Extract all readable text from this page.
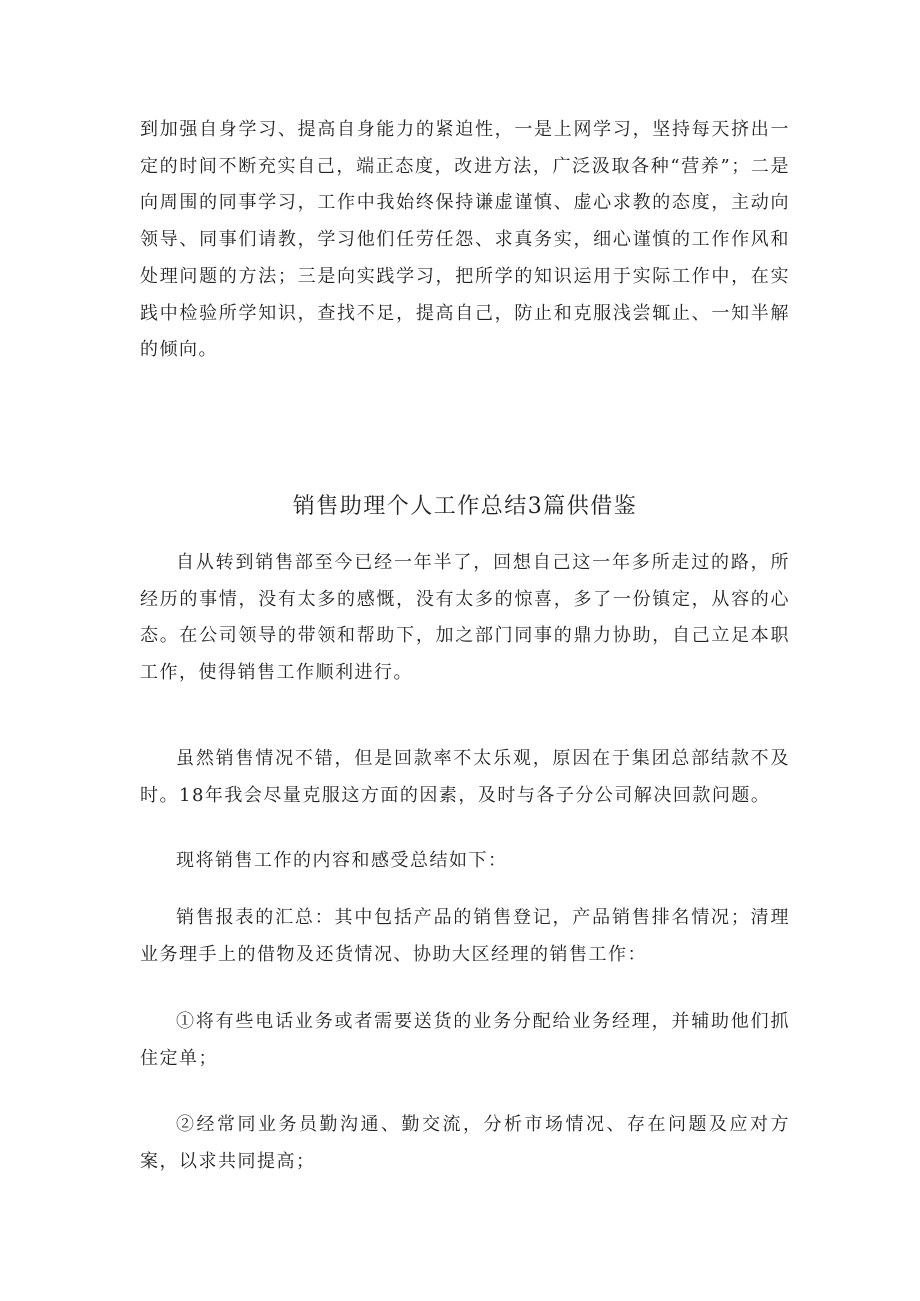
到加强自身学习、提高自身能力的紧迫性，一是上网学习，坚持每天挤出一定的时间不断充实自己，端正态度，改进方法，广泛汲取各种“营养”；二是向周围的同事学习，工作中我始终保持谦虚谨慎、虚心求教的态度，主动向领导、同事们请教，学习他们任劳任怨、求真务实，细心谨慎的工作作风和处理问题的方法；三是向实践学习，把所学的知识运用于实际工作中，在实践中检验所学知识，查找不足，提高自己，防止和克服浅尝辄止、一知半解的倾向。

销售助理个人工作总结3篇供借鉴

自从转到销售部至今已经一年半了，回想自己这一年多所走过的路，所经历的事情，没有太多的感慨，没有太多的惊喜，多了一份镇定，从容的心态。在公司领导的带领和帮助下，加之部门同事的鼎力协助，自己立足本职工作，使得销售工作顺利进行。

虽然销售情况不错，但是回款率不太乐观，原因在于集团总部结款不及时。18年我会尽量克服这方面的因素，及时与各子分公司解决回款问题。

现将销售工作的内容和感受总结如下：

销售报表的汇总：其中包括产品的销售登记，产品销售排名情况；清理业务理手上的借物及还货情况、协助大区经理的销售工作：

①将有些电话业务或者需要送货的业务分配给业务经理，并辅助他们抓住定单；

②经常同业务员勤沟通、勤交流，分析市场情况、存在问题及应对方案，以求共同提高；
